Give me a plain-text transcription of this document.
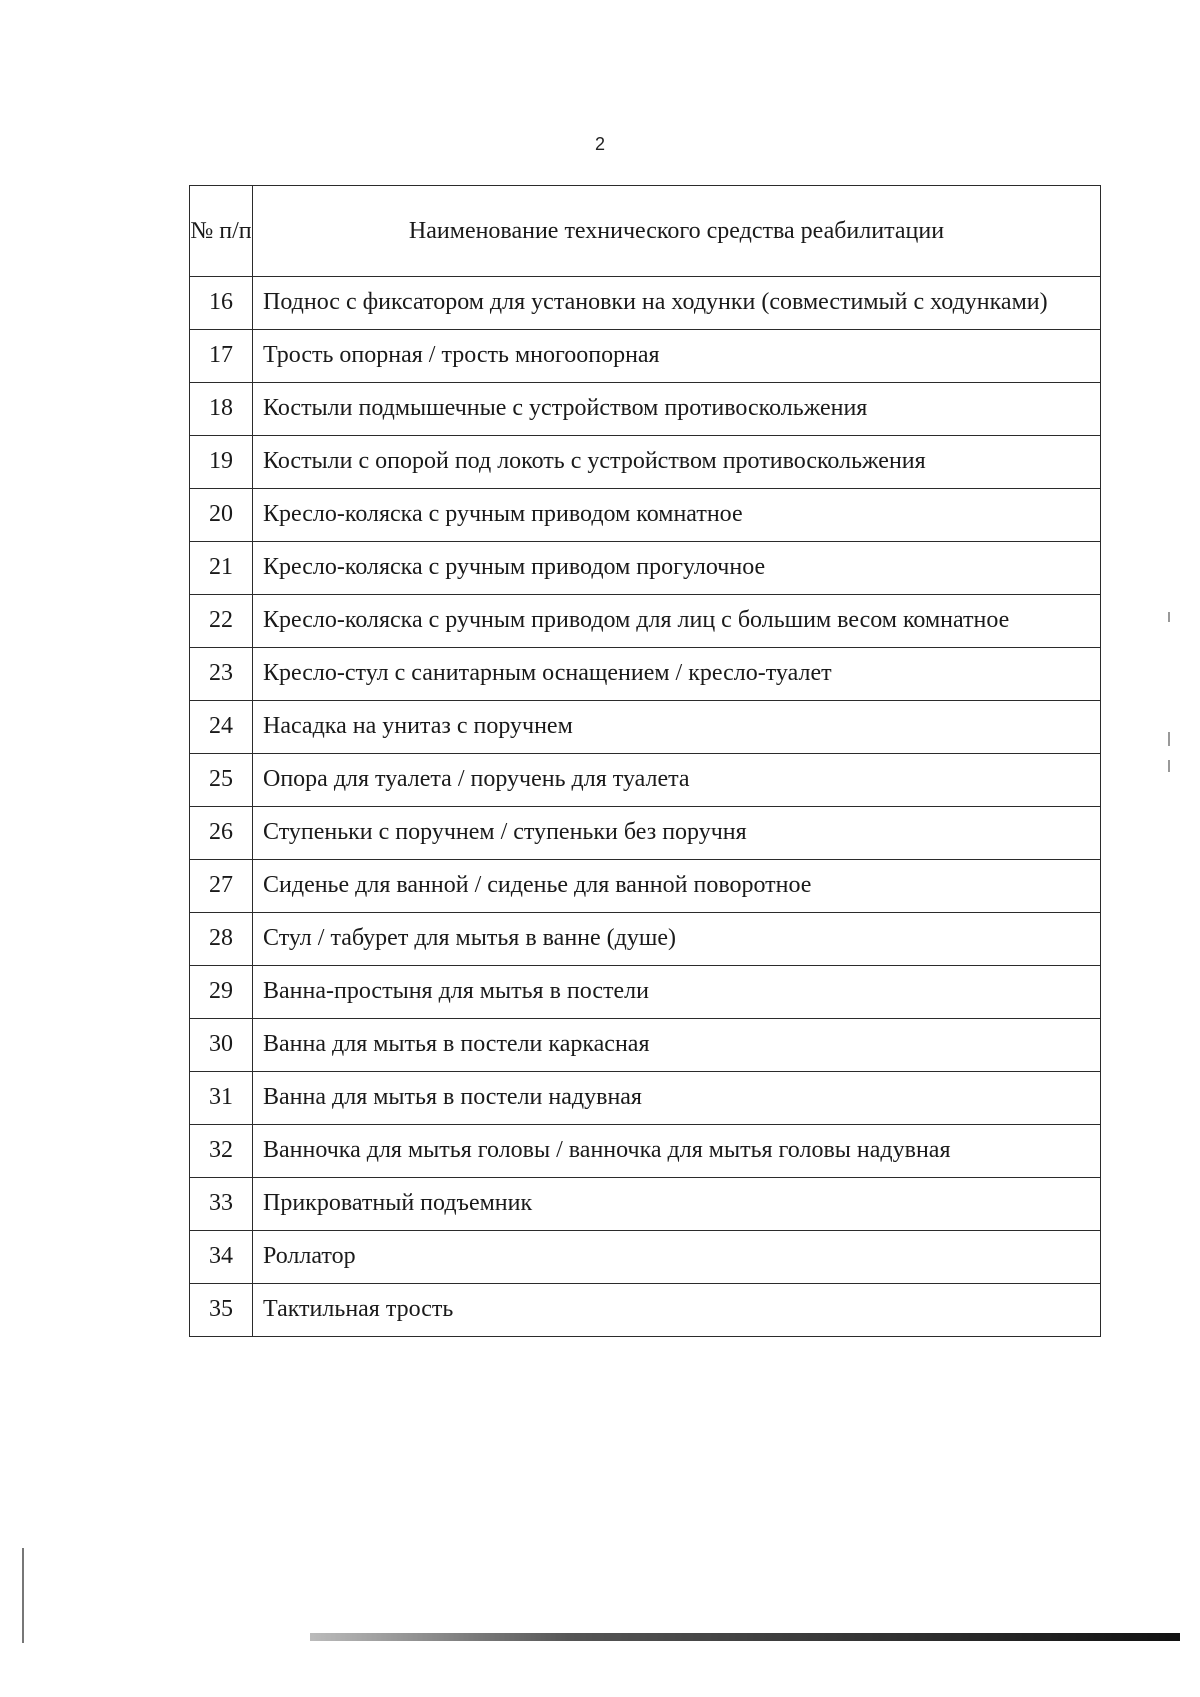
2
№ п/п	Наименование технического средства реабилитации
16	Поднос с фиксатором для установки на ходунки (совместимый с ходунками)
17	Трость опорная / трость многоопорная
18	Костыли подмышечные с устройством противоскольжения
19	Костыли с опорой под локоть с устройством противоскольжения
20	Кресло-коляска с ручным приводом комнатное
21	Кресло-коляска с ручным приводом прогулочное
22	Кресло-коляска с ручным приводом для лиц с большим весом комнатное
23	Кресло-стул с санитарным оснащением / кресло-туалет
24	Насадка на унитаз с поручнем
25	Опора для туалета / поручень для туалета
26	Ступеньки с поручнем / ступеньки без поручня
27	Сиденье для ванной / сиденье для ванной поворотное
28	Стул / табурет для мытья в ванне (душе)
29	Ванна-простыня для мытья в постели
30	Ванна для мытья в постели каркасная
31	Ванна для мытья в постели надувная
32	Ванночка для мытья головы / ванночка для мытья головы надувная
33	Прикроватный подъемник
34	Роллатор
35	Тактильная трость
